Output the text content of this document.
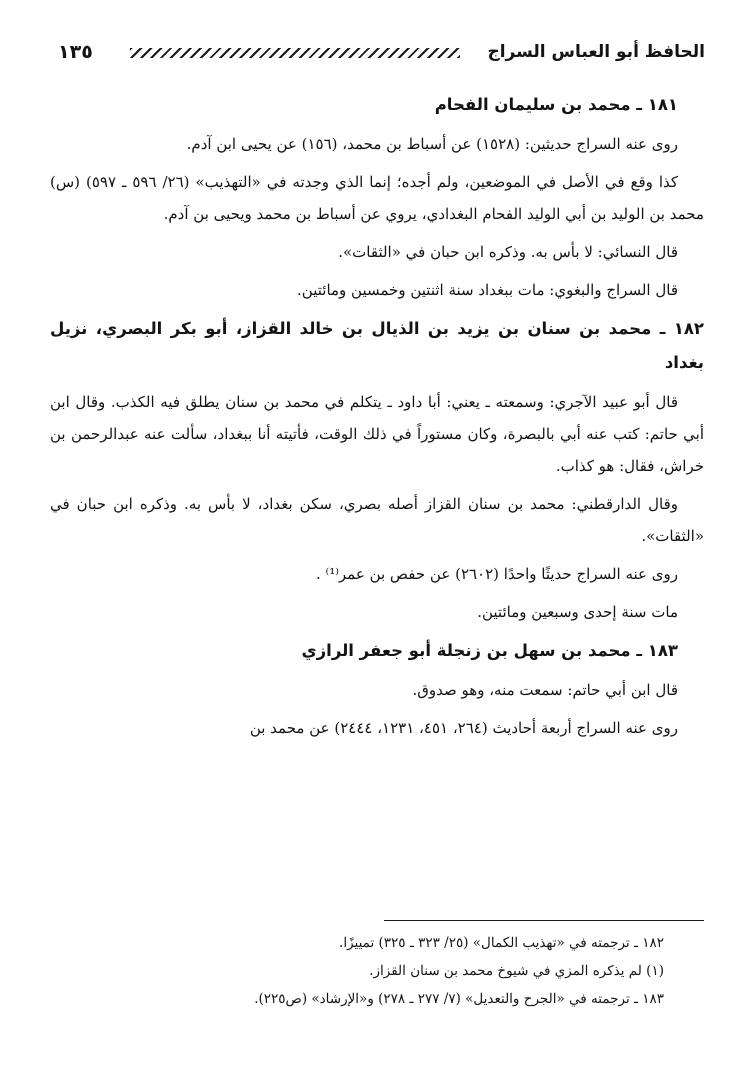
الحافظ أبو العباس السراج
١٣٥
١٨١ ـ محمد بن سليمان الفحام

روى عنه السراج حديثين: (١٥٢٨) عن أسباط بن محمد، (١٥٦) عن يحيى ابن آدم.

كذا وقع في الأصل في الموضعين، ولم أجده؛ إنما الذي وجدته في «التهذيب» (٢٦/ ٥٩٦ ـ ٥٩٧) (س) محمد بن الوليد بن أبي الوليد الفحام البغدادي، يروي عن أسباط بن محمد ويحيى بن آدم.

قال النسائي: لا بأس به. وذكره ابن حبان في «الثقات».

قال السراج والبغوي: مات ببغداد سنة اثنتين وخمسين ومائتين.

١٨٢ ـ محمد بن سنان بن يزيد بن الذيال بن خالد القزاز، أبو بكر البصري، نزيل بغداد

قال أبو عبيد الآجري: وسمعته ـ يعني: أبا داود ـ يتكلم في محمد بن سنان يطلق فيه الكذب. وقال ابن أبي حاتم: كتب عنه أبي بالبصرة، وكان مستوراً في ذلك الوقت، فأتيته أنا ببغداد، سألت عنه عبدالرحمن بن خراش، فقال: هو كذاب.

وقال الدارقطني: محمد بن سنان القزاز أصله بصري، سكن بغداد، لا بأس به. وذكره ابن حبان في «الثقات».

روى عنه السراج حديثًا واحدًا (٢٦٠٢) عن حفص بن عمر⁽¹⁾ .

مات سنة إحدى وسبعين ومائتين.

١٨٣ ـ محمد بن سهل بن زنجلة أبو جعفر الرازي

قال ابن أبي حاتم: سمعت منه، وهو صدوق.

روى عنه السراج أربعة أحاديث (٢٦٤، ٤٥١، ١٢٣١، ٢٤٤٤) عن محمد بن

١٨٢ ـ ترجمته في «تهذيب الكمال» (٢٥/ ٣٢٣ ـ ٣٢٥) تمييزًا.

(١) لم يذكره المزي في شيوخ محمد بن سنان القزاز.

١٨٣ ـ ترجمته في «الجرح والتعديل» (٧/ ٢٧٧ ـ ٢٧٨) و«الإرشاد» (ص٢٢٥).
